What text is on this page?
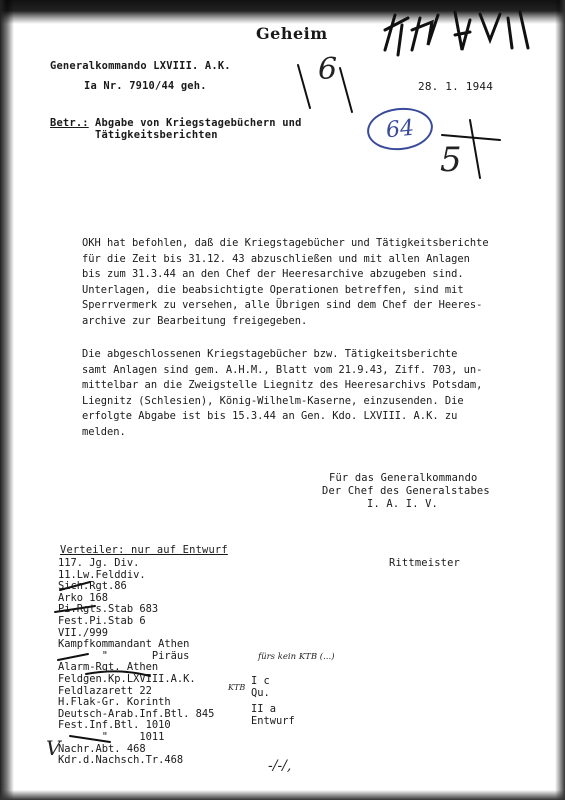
Geheim
Generalkommando LXVIII. A.K.
Ia Nr. 7910/44 geh.	28. 1. 1944
6
64
5
Betr.: Abgabe von Kriegstagebüchern und
Tätigkeitsberichten
OKH hat befohlen, daß die Kriegstagebücher und Tätigkeitsberichte
für die Zeit bis 31.12. 43 abzuschließen und mit allen Anlagen
bis zum 31.3.44 an den Chef der Heeresarchive abzugeben sind.
Unterlagen, die beabsichtigte Operationen betreffen, sind mit
Sperrvermerk zu versehen, alle Übrigen sind dem Chef der Heeres-
archive zur Bearbeitung freigegeben.
Die abgeschlossenen Kriegstagebücher bzw. Tätigkeitsberichte
samt Anlagen sind gem. A.H.M., Blatt vom 21.9.43, Ziff. 703, un-
mittelbar an die Zweigstelle Liegnitz des Heeresarchivs Potsdam,
Liegnitz (Schlesien), König-Wilhelm-Kaserne, einzusenden. Die
erfolgte Abgabe ist bis 15.3.44 an Gen. Kdo. LXVIII. A.K. zu
melden.
Für das Generalkommando
Der Chef des Generalstabes
I. A. I. V.
Verteiler: nur auf Entwurf
Rittmeister
117. Jg. Div.
11.Lw.Felddiv.
Sich.Rgt.86
Arko 168
Pi.Rgts.Stab 683
Fest.Pi.Stab 6
VII./999
Kampfkommandant Athen
"       Piräus
Alarm-Rgt. Athen
Feldgen.Kp.LXVIII.A.K.
Feldlazarett 22
H.Flak-Gr. Korinth
Deutsch-Arab.Inf.Btl. 845
Fest.Inf.Btl. 1010
"     1011
Nachr.Abt. 468
Kdr.d.Nachsch.Tr.468
I c
Qu.
II a
Entwurf
fürs kein KTB (...)
KTB
V
-/-/,
